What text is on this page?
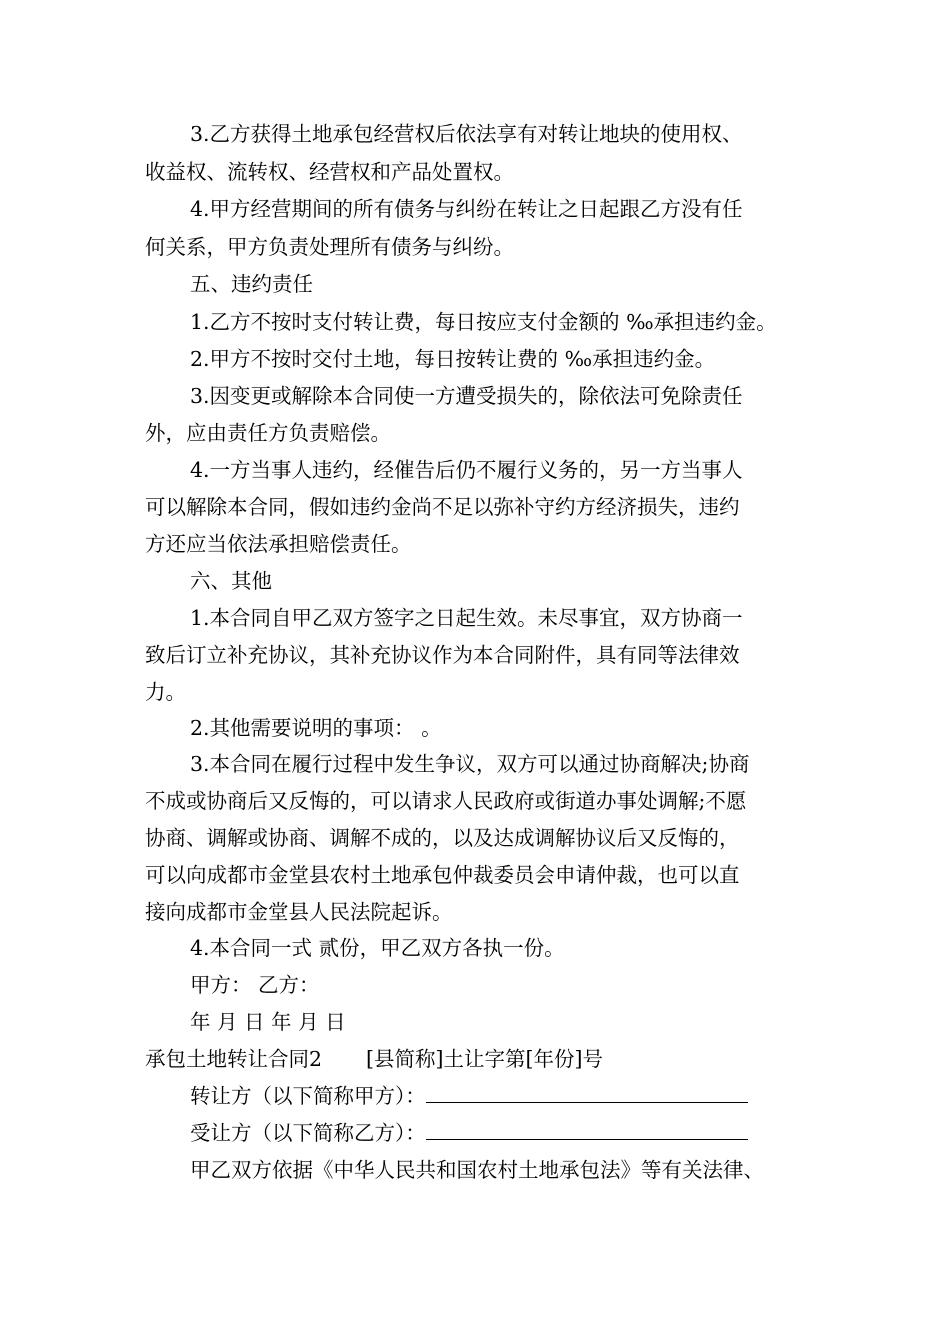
3.乙方获得土地承包经营权后依法享有对转让地块的使用权、
收益权、流转权、经营权和产品处置权。
4.甲方经营期间的所有债务与纠纷在转让之日起跟乙方没有任
何关系，甲方负责处理所有债务与纠纷。
五、违约责任
1.乙方不按时支付转让费，每日按应支付金额的 ‰承担违约金。
2.甲方不按时交付土地，每日按转让费的 ‰承担违约金。
3.因变更或解除本合同使一方遭受损失的，除依法可免除责任
外，应由责任方负责赔偿。
4.一方当事人违约，经催告后仍不履行义务的，另一方当事人
可以解除本合同，假如违约金尚不足以弥补守约方经济损失，违约
方还应当依法承担赔偿责任。
六、其他
1.本合同自甲乙双方签字之日起生效。未尽事宜，双方协商一
致后订立补充协议，其补充协议作为本合同附件，具有同等法律效
力。
2.其他需要说明的事项： 。
3.本合同在履行过程中发生争议，双方可以通过协商解决;协商
不成或协商后又反悔的，可以请求人民政府或街道办事处调解;不愿
协商、调解或协商、调解不成的，以及达成调解协议后又反悔的，
可以向成都市金堂县农村土地承包仲裁委员会申请仲裁，也可以直
接向成都市金堂县人民法院起诉。
4.本合同一式 贰份，甲乙双方各执一份。
甲方： 乙方：
年 月 日 年 月 日
承包土地转让合同2 [县简称]土让字第[年份]号
转让方（以下简称甲方）：
受让方（以下简称乙方）：
甲乙双方依据《中华人民共和国农村土地承包法》等有关法律、
